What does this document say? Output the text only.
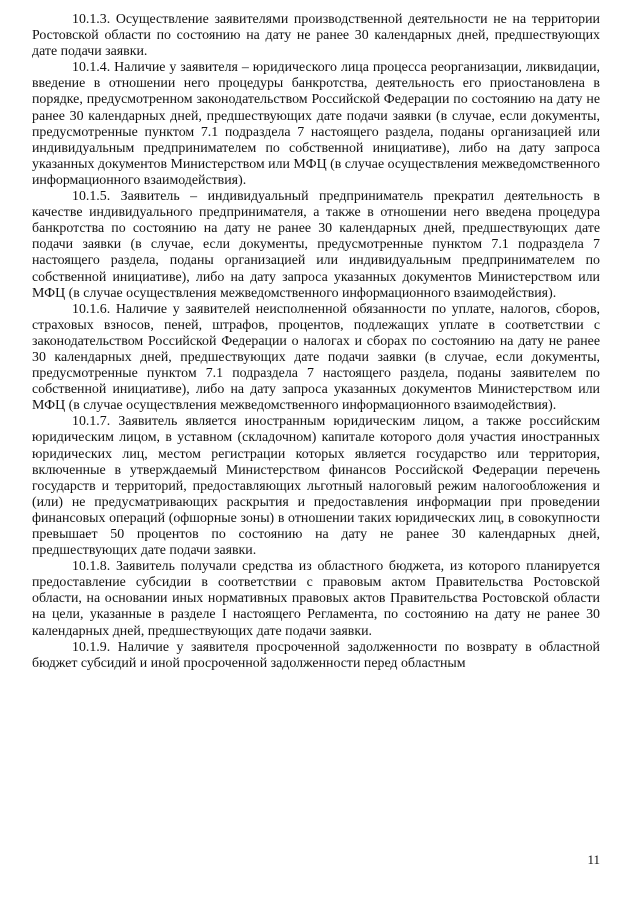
10.1.3. Осуществление заявителями производственной деятельности не на территории Ростовской области по состоянию на дату не ранее 30 календарных дней, предшествующих дате подачи заявки.

10.1.4. Наличие у заявителя – юридического лица процесса реорганизации, ликвидации, введение в отношении него процедуры банкротства, деятельность его приостановлена в порядке, предусмотренном законодательством Российской Федерации по состоянию на дату не ранее 30 календарных дней, предшествующих дате подачи заявки (в случае, если документы, предусмотренные пунктом 7.1 подраздела 7 настоящего раздела, поданы организацией или индивидуальным предпринимателем по собственной инициативе), либо на дату запроса указанных документов Министерством или МФЦ (в случае осуществления межведомственного информационного взаимодействия).

10.1.5. Заявитель – индивидуальный предприниматель прекратил деятельность в качестве индивидуального предпринимателя, а также в отношении него введена процедура банкротства по состоянию на дату не ранее 30 календарных дней, предшествующих дате подачи заявки (в случае, если документы, предусмотренные пунктом 7.1 подраздела 7 настоящего раздела, поданы организацией или индивидуальным предпринимателем по собственной инициативе), либо на дату запроса указанных документов Министерством или МФЦ (в случае осуществления межведомственного информационного взаимодействия).

10.1.6. Наличие у заявителей неисполненной обязанности по уплате, налогов, сборов, страховых взносов, пеней, штрафов, процентов, подлежащих уплате в соответствии с законодательством Российской Федерации о налогах и сборах по состоянию на дату не ранее 30 календарных дней, предшествующих дате подачи заявки (в случае, если документы, предусмотренные пунктом 7.1 подраздела 7 настоящего раздела, поданы заявителем по собственной инициативе), либо на дату запроса указанных документов Министерством или МФЦ (в случае осуществления межведомственного информационного взаимодействия).

10.1.7. Заявитель является иностранным юридическим лицом, а также российским юридическим лицом, в уставном (складочном) капитале которого доля участия иностранных юридических лиц, местом регистрации которых является государство или территория, включенные в утверждаемый Министерством финансов Российской Федерации перечень государств и территорий, предоставляющих льготный налоговый режим налогообложения и (или) не предусматривающих раскрытия и предоставления информации при проведении финансовых операций (офшорные зоны) в отношении таких юридических лиц, в совокупности превышает 50 процентов по состоянию на дату не ранее 30 календарных дней, предшествующих дате подачи заявки.

10.1.8. Заявитель получали средства из областного бюджета, из которого планируется предоставление субсидии в соответствии с правовым актом Правительства Ростовской области, на основании иных нормативных правовых актов Правительства Ростовской области на цели, указанные в разделе I настоящего Регламента, по состоянию на дату не ранее 30 календарных дней, предшествующих дате подачи заявки.

10.1.9. Наличие у заявителя просроченной задолженности по возврату в областной бюджет субсидий и иной просроченной задолженности перед областным

11
